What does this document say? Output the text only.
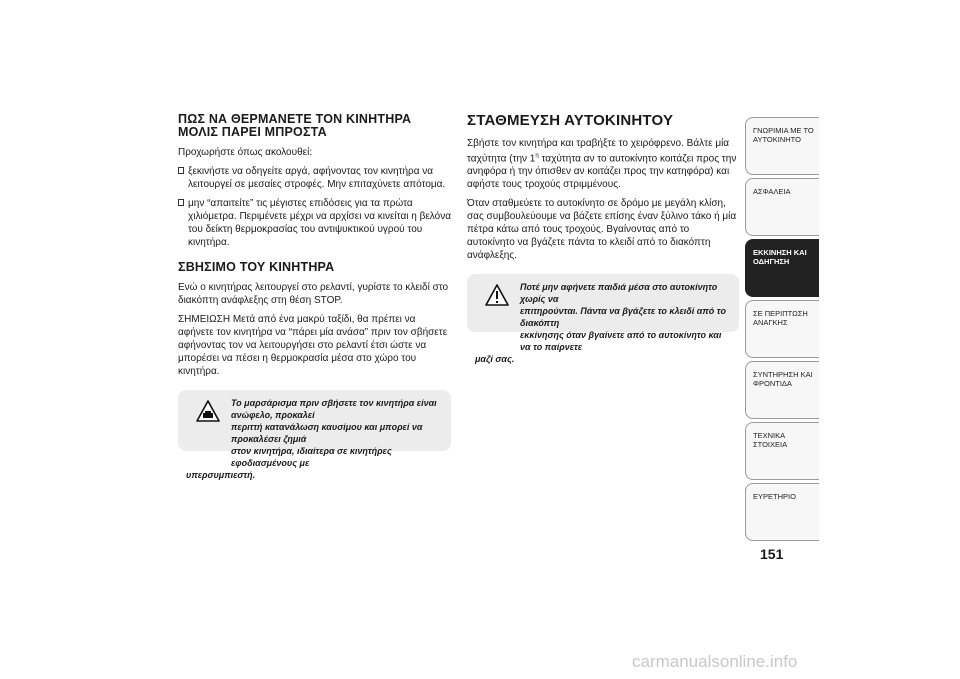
ΠΩΣ ΝΑ ΘΕΡΜΑΝΕΤΕ ΤΟΝ ΚΙΝΗΤΗΡΑ ΜΟΛΙΣ ΠΑΡΕΙ ΜΠΡΟΣΤΑ
Προχωρήστε όπως ακολουθεί:
ξεκινήστε να οδηγείτε αργά, αφήνοντας τον κινητήρα να λειτουργεί σε μεσαίες στροφές. Μην επιταχύνετε απότομα.
μην “απαιτείτε” τις μέγιστες επιδόσεις για τα πρώτα χιλιόμετρα. Περιμένετε μέχρι να αρχίσει να κινείται η βελόνα του δείκτη θερμοκρασίας του αντιψυκτικού υγρού του κινητήρα.
ΣΒΗΣΙΜΟ ΤΟΥ ΚΙΝΗΤΗΡΑ
Ενώ ο κινητήρας λειτουργεί στο ρελαντί, γυρίστε το κλειδί στο διακόπτη ανάφλεξης στη θέση STOP.
ΣΗΜΕΙΩΣΗ Μετά από ένα μακρύ ταξίδι, θα πρέπει να αφήνετε τον κινητήρα να “πάρει μία ανάσα” πριν τον σβήσετε αφήνοντας τον να λειτουργήσει στο ρελαντί έτσι ώστε να μπορέσει να πέσει η θερμοκρασία μέσα στο χώρο του κινητήρα.
Το μαρσάρισμα πριν σβήσετε τον κινητήρα είναι ανώφελο, προκαλεί
περιττή κατανάλωση καυσίμου και μπορεί να προκαλέσει ζημιά
στον κινητήρα, ιδιαίτερα σε κινητήρες εφοδιασμένους με
υπερσυμπιεστή.
ΣΤΑΘΜΕΥΣΗ ΑΥΤΟΚΙΝΗΤΟΥ
Σβήστε τον κινητήρα και τραβήξτε το χειρόφρενο. Βάλτε μία ταχύτητα (την $1^\eta$ ταχύτητα αν το αυτοκίνητο κοιτάζει προς την ανηφόρα ή την όπισθεν αν κοιτάζει προς την κατηφόρα) και αφήστε τους τροχούς στριμμένους.
Όταν σταθμεύετε το αυτοκίνητο σε δρόμο με μεγάλη κλίση, σας συμβουλεύουμε να βάζετε επίσης έναν ξύλινο τάκο ή μία πέτρα κάτω από τους τροχούς. Βγαίνοντας από το αυτοκίνητο να βγάζετε πάντα το κλειδί από το διακόπτη ανάφλεξης.
Ποτέ μην αφήνετε παιδιά μέσα στο αυτοκίνητο χωρίς να
επιτηρούνται. Πάντα να βγάζετε το κλειδί από το διακόπτη
εκκίνησης όταν βγαίνετε από το αυτοκίνητο και να το παίρνετε
μαζί σας.
ΓΝΩΡΙΜΙΑ ΜΕ ΤΟ ΑΥΤΟΚΙΝΗΤΟ
ΑΣΦΑΛΕΙΑ
ΕΚΚΙΝΗΣΗ ΚΑΙ ΟΔΗΓΗΣΗ
ΣΕ ΠΕΡΙΠΤΩΣΗ ΑΝΑΓΚΗΣ
ΣΥΝΤΗΡΗΣΗ ΚΑΙ ΦΡΟΝΤΙΔΑ
ΤΕΧΝΙΚΑ ΣΤΟΙΧΕΙΑ
ΕΥΡΕΤΗΡΙΟ
151
carmanualsonline.info
